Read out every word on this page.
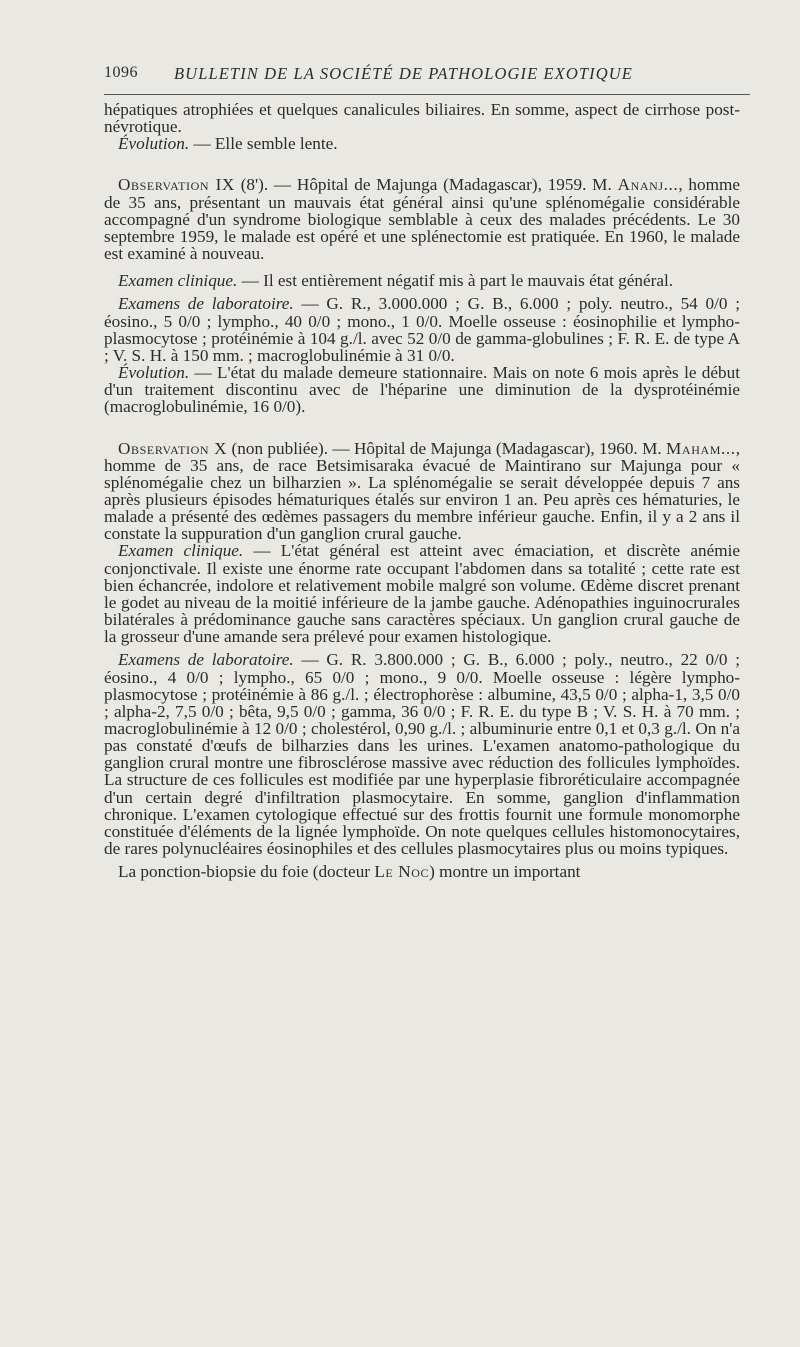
1096 BULLETIN DE LA SOCIÉTÉ DE PATHOLOGIE EXOTIQUE

hépatiques atrophiées et quelques canalicules biliaires. En somme, aspect de cirrhose post-névrotique.

Évolution. — Elle semble lente.

Observation IX (8'). — Hôpital de Majunga (Madagascar), 1959. M. Ananj..., homme de 35 ans, présentant un mauvais état général ainsi qu'une splénomégalie considérable accompagné d'un syndrome biologique semblable à ceux des malades précédents. Le 30 septembre 1959, le malade est opéré et une splénectomie est pratiquée. En 1960, le malade est examiné à nouveau.

Examen clinique. — Il est entièrement négatif mis à part le mauvais état général.

Examens de laboratoire. — G. R., 3.000.000 ; G. B., 6.000 ; poly. neutro., 54 0/0 ; éosino., 5 0/0 ; lympho., 40 0/0 ; mono., 1 0/0. Moelle osseuse : éosinophilie et lympho-plasmocytose ; protéinémie à 104 g./l. avec 52 0/0 de gamma-globulines ; F. R. E. de type A ; V. S. H. à 150 mm. ; macroglobulinémie à 31 0/0.

Évolution. — L'état du malade demeure stationnaire. Mais on note 6 mois après le début d'un traitement discontinu avec de l'héparine une diminution de la dysprotéinémie (macroglobulinémie, 16 0/0).

Observation X (non publiée). — Hôpital de Majunga (Madagascar), 1960. M. Maham..., homme de 35 ans, de race Betsimisaraka évacué de Maintirano sur Majunga pour « splénomégalie chez un bilharzien ». La splénomégalie se serait développée depuis 7 ans après plusieurs épisodes hématuriques étalés sur environ 1 an. Peu après ces hématuries, le malade a présenté des œdèmes passagers du membre inférieur gauche. Enfin, il y a 2 ans il constate la suppuration d'un ganglion crural gauche.

Examen clinique. — L'état général est atteint avec émaciation, et discrète anémie conjonctivale. Il existe une énorme rate occupant l'abdomen dans sa totalité ; cette rate est bien échancrée, indolore et relativement mobile malgré son volume. Œdème discret prenant le godet au niveau de la moitié inférieure de la jambe gauche. Adénopathies inguinocrurales bilatérales à prédominance gauche sans caractères spéciaux. Un ganglion crural gauche de la grosseur d'une amande sera prélevé pour examen histologique.

Examens de laboratoire. — G. R. 3.800.000 ; G. B., 6.000 ; poly., neutro., 22 0/0 ; éosino., 4 0/0 ; lympho., 65 0/0 ; mono., 9 0/0. Moelle osseuse : légère lympho-plasmocytose ; protéinémie à 86 g./l. ; électrophorèse : albumine, 43,5 0/0 ; alpha-1, 3,5 0/0 ; alpha-2, 7,5 0/0 ; bêta, 9,5 0/0 ; gamma, 36 0/0 ; F. R. E. du type B ; V. S. H. à 70 mm. ; macroglobulinémie à 12 0/0 ; cholestérol, 0,90 g./l. ; albuminurie entre 0,1 et 0,3 g./l. On n'a pas constaté d'œufs de bilharzies dans les urines. L'examen anatomo-pathologique du ganglion crural montre une fibrosclérose massive avec réduction des follicules lymphoïdes. La structure de ces follicules est modifiée par une hyperplasie fibroréticulaire accompagnée d'un certain degré d'infiltration plasmocytaire. En somme, ganglion d'inflammation chronique. L'examen cytologique effectué sur des frottis fournit une formule monomorphe constituée d'éléments de la lignée lymphoïde. On note quelques cellules histomonocytaires, de rares polynucléaires éosinophiles et des cellules plasmocytaires plus ou moins typiques.

La ponction-biopsie du foie (docteur Le Noc) montre un important
